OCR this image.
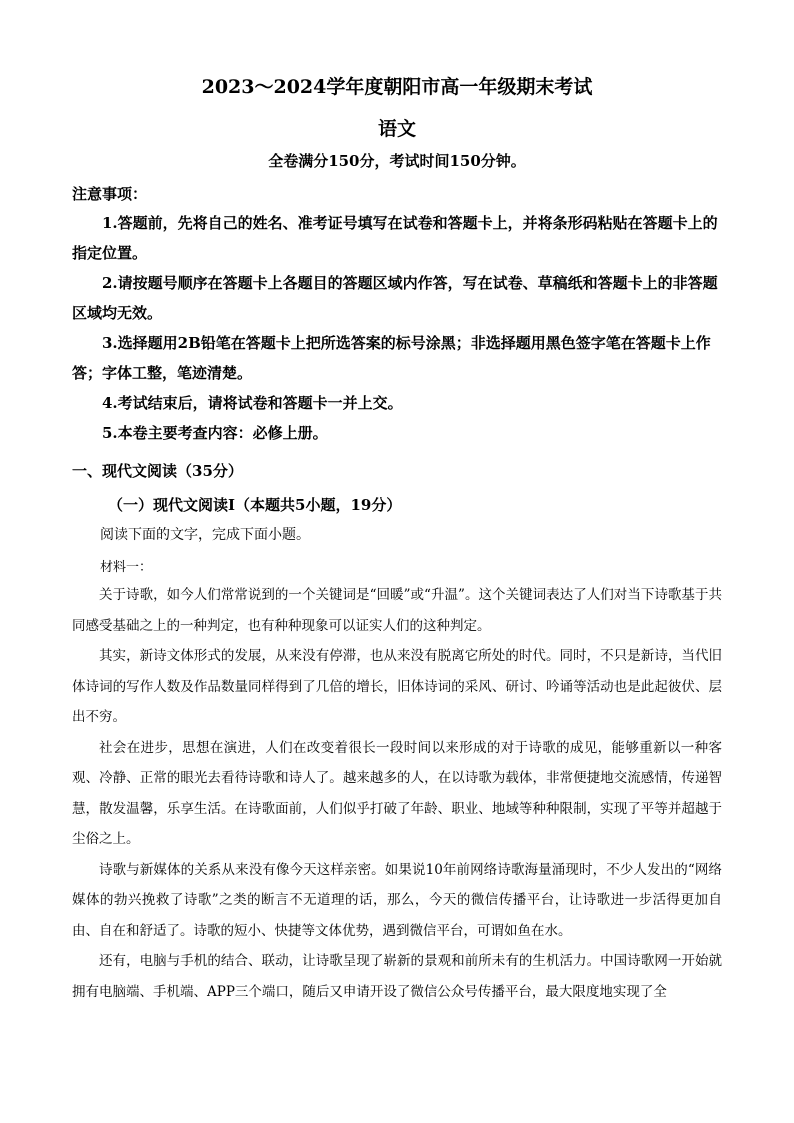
2023～2024学年度朝阳市高一年级期末考试
语文
全卷满分150分，考试时间150分钟。
注意事项：

1.答题前，先将自己的姓名、准考证号填写在试卷和答题卡上，并将条形码粘贴在答题卡上的指定位置。

2.请按题号顺序在答题卡上各题目的答题区域内作答，写在试卷、草稿纸和答题卡上的非答题区域均无效。

3.选择题用2B铅笔在答题卡上把所选答案的标号涂黑；非选择题用黑色签字笔在答题卡上作答；字体工整，笔迹清楚。

4.考试结束后，请将试卷和答题卡一并上交。

5.本卷主要考查内容：必修上册。

一、现代文阅读（35分）
（一）现代文阅读Ⅰ（本题共5小题，19分）
阅读下面的文字，完成下面小题。
材料一：

关于诗歌，如今人们常常说到的一个关键词是“回暖”或“升温”。这个关键词表达了人们对当下诗歌基于共同感受基础之上的一种判定，也有种种现象可以证实人们的这种判定。

其实，新诗文体形式的发展，从来没有停滞，也从来没有脱离它所处的时代。同时，不只是新诗，当代旧体诗词的写作人数及作品数量同样得到了几倍的增长，旧体诗词的采风、研讨、吟诵等活动也是此起彼伏、层出不穷。

社会在进步，思想在演进，人们在改变着很长一段时间以来形成的对于诗歌的成见，能够重新以一种客观、冷静、正常的眼光去看待诗歌和诗人了。越来越多的人，在以诗歌为载体，非常便捷地交流感情，传递智慧，散发温馨，乐享生活。在诗歌面前，人们似乎打破了年龄、职业、地域等种种限制，实现了平等并超越于尘俗之上。

诗歌与新媒体的关系从来没有像今天这样亲密。如果说10年前网络诗歌海量涌现时，不少人发出的“网络媒体的勃兴挽救了诗歌”之类的断言不无道理的话，那么，今天的微信传播平台，让诗歌进一步活得更加自由、自在和舒适了。诗歌的短小、快捷等文体优势，遇到微信平台，可谓如鱼在水。

还有，电脑与手机的结合、联动，让诗歌呈现了崭新的景观和前所未有的生机活力。中国诗歌网一开始就拥有电脑端、手机端、APP三个端口，随后又申请开设了微信公众号传播平台，最大限度地实现了全
